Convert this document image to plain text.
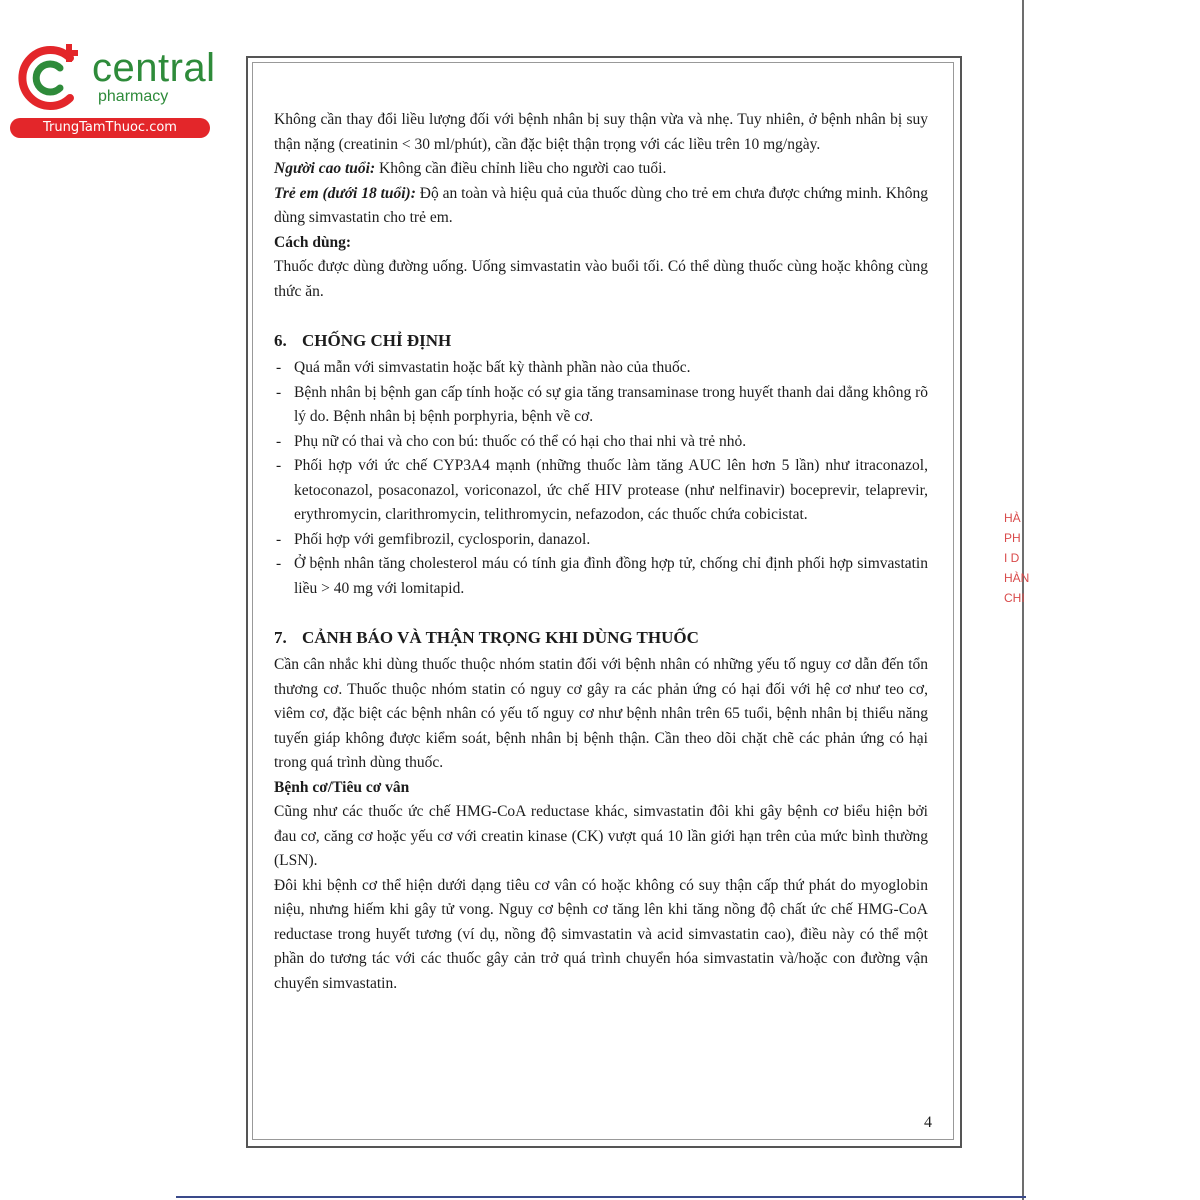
central
pharmacy
TrungTamThuoc.com	Không cần thay đổi liều lượng đối với bệnh nhân bị suy thận vừa và nhẹ. Tuy nhiên, ở bệnh nhân bị suy thận nặng (creatinin < 30 ml/phút), cần đặc biệt thận trọng với các liều trên 10 mg/ngày.

Người cao tuổi: Không cần điều chỉnh liều cho người cao tuổi.

Trẻ em (dưới 18 tuổi): Độ an toàn và hiệu quả của thuốc dùng cho trẻ em chưa được chứng minh. Không dùng simvastatin cho trẻ em.

Cách dùng:

Thuốc được dùng đường uống. Uống simvastatin vào buổi tối. Có thể dùng thuốc cùng hoặc không cùng thức ăn.

6. CHỐNG CHỈ ĐỊNH
- Quá mẫn với simvastatin hoặc bất kỳ thành phần nào của thuốc.
- Bệnh nhân bị bệnh gan cấp tính hoặc có sự gia tăng transaminase trong huyết thanh dai dẳng không rõ lý do. Bệnh nhân bị bệnh porphyria, bệnh về cơ.
- Phụ nữ có thai và cho con bú: thuốc có thể có hại cho thai nhi và trẻ nhỏ.
- Phối hợp với ức chế CYP3A4 mạnh (những thuốc làm tăng AUC lên hơn 5 lần) như itraconazol, ketoconazol, posaconazol, voriconazol, ức chế HIV protease (như nelfinavir) boceprevir, telaprevir, erythromycin, clarithromycin, telithromycin, nefazodon, các thuốc chứa cobicistat.
- Phối hợp với gemfibrozil, cyclosporin, danazol.
- Ở bệnh nhân tăng cholesterol máu có tính gia đình đồng hợp tử, chống chỉ định phối hợp simvastatin liều > 40 mg với lomitapid.
7. CẢNH BÁO VÀ THẬN TRỌNG KHI DÙNG THUỐC

Cần cân nhắc khi dùng thuốc thuộc nhóm statin đối với bệnh nhân có những yếu tố nguy cơ dẫn đến tổn thương cơ. Thuốc thuộc nhóm statin có nguy cơ gây ra các phản ứng có hại đối với hệ cơ như teo cơ, viêm cơ, đặc biệt các bệnh nhân có yếu tố nguy cơ như bệnh nhân trên 65 tuổi, bệnh nhân bị thiểu năng tuyến giáp không được kiểm soát, bệnh nhân bị bệnh thận. Cần theo dõi chặt chẽ các phản ứng có hại trong quá trình dùng thuốc.

Bệnh cơ/Tiêu cơ vân

Cũng như các thuốc ức chế HMG-CoA reductase khác, simvastatin đôi khi gây bệnh cơ biểu hiện bởi đau cơ, căng cơ hoặc yếu cơ với creatin kinase (CK) vượt quá 10 lần giới hạn trên của mức bình thường (LSN).

Đôi khi bệnh cơ thể hiện dưới dạng tiêu cơ vân có hoặc không có suy thận cấp thứ phát do myoglobin niệu, nhưng hiếm khi gây tử vong. Nguy cơ bệnh cơ tăng lên khi tăng nồng độ chất ức chế HMG-CoA reductase trong huyết tương (ví dụ, nồng độ simvastatin và acid simvastatin cao), điều này có thể một phần do tương tác với các thuốc gây cản trở quá trình chuyển hóa simvastatin và/hoặc con đường vận chuyển simvastatin.

4
HÀ
PH
I D
HÀN
CHI
